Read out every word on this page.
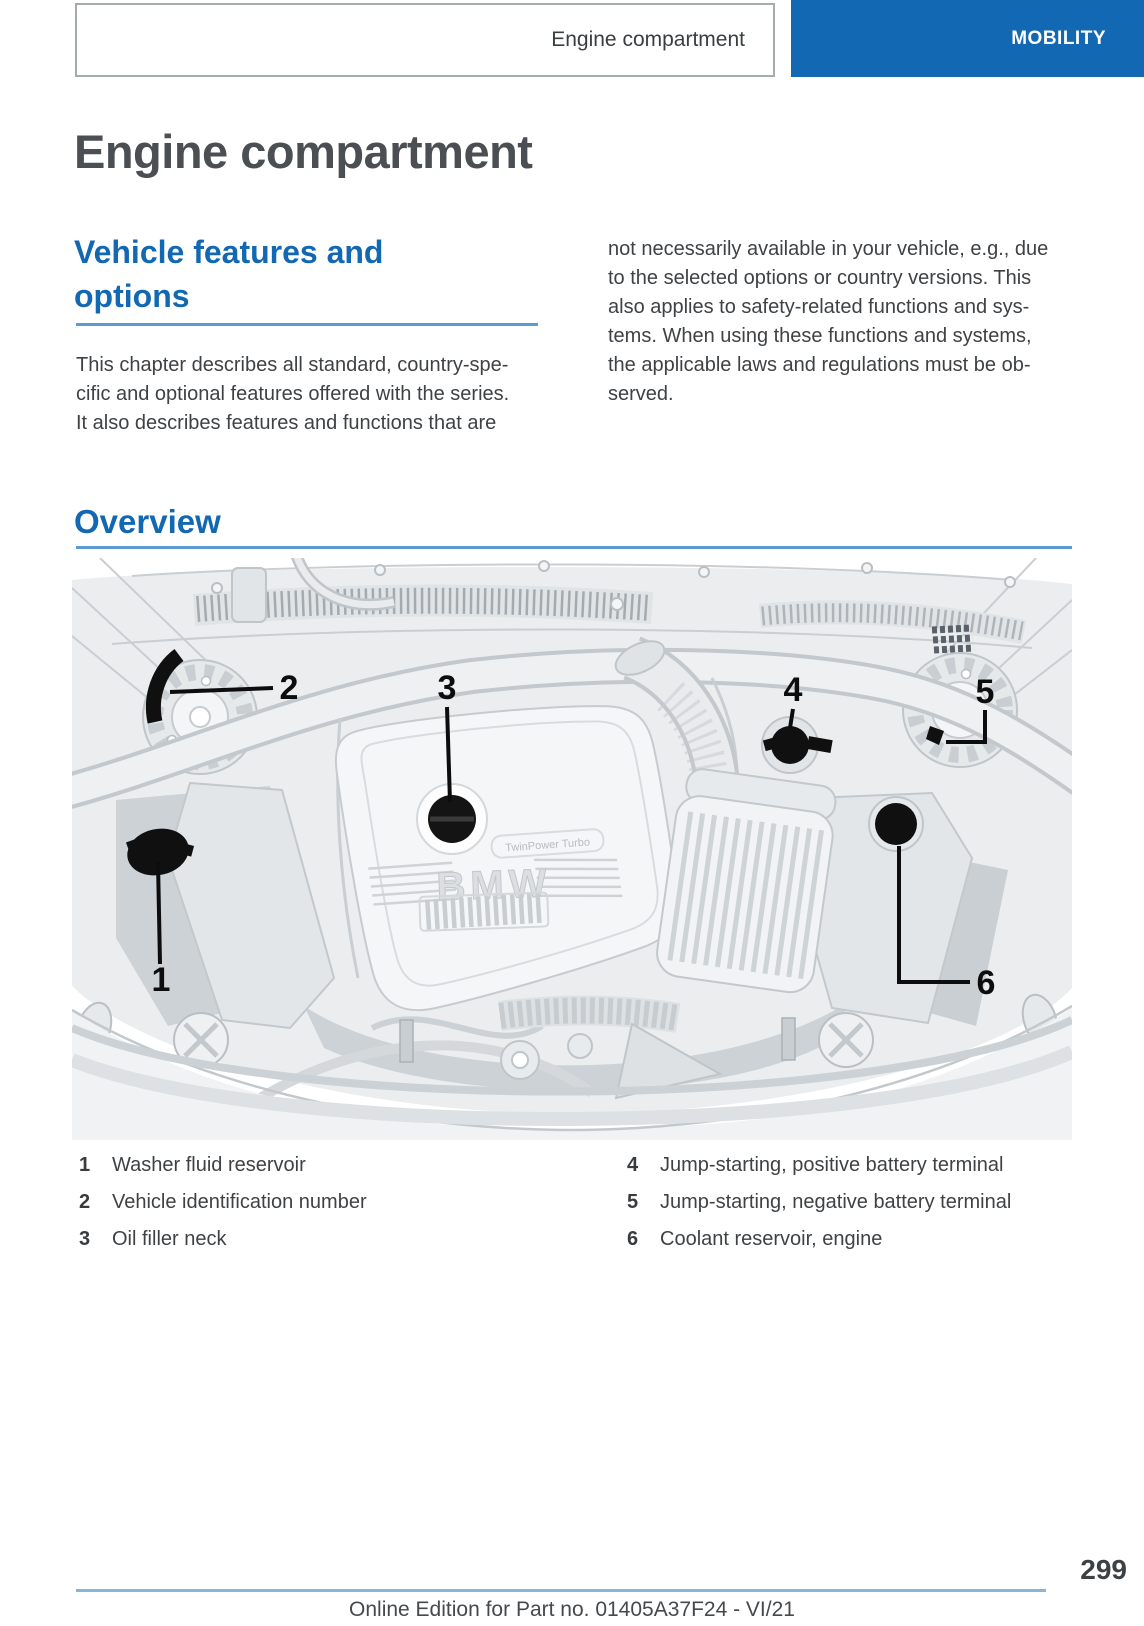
Engine compartment	MOBILITY
Engine compartment
Vehicle features and
options
This chapter describes all standard, country-spe-
cific and optional features offered with the series.
It also describes features and functions that are
not necessarily available in your vehicle, e.g., due
to the selected options or country versions. This
also applies to safety-related functions and sys-
tems. When using these functions and systems,
the applicable laws and regulations must be ob-
served.
Overview
BMW
TwinPower Turbo
1
2	3	4	5
6
1	Washer fluid reservoir
2	Vehicle identification number
3	Oil filler neck
4	Jump-starting, positive battery terminal
5	Jump-starting, negative battery terminal
6	Coolant reservoir, engine
299
Online Edition for Part no. 01405A37F24 - VI/21
